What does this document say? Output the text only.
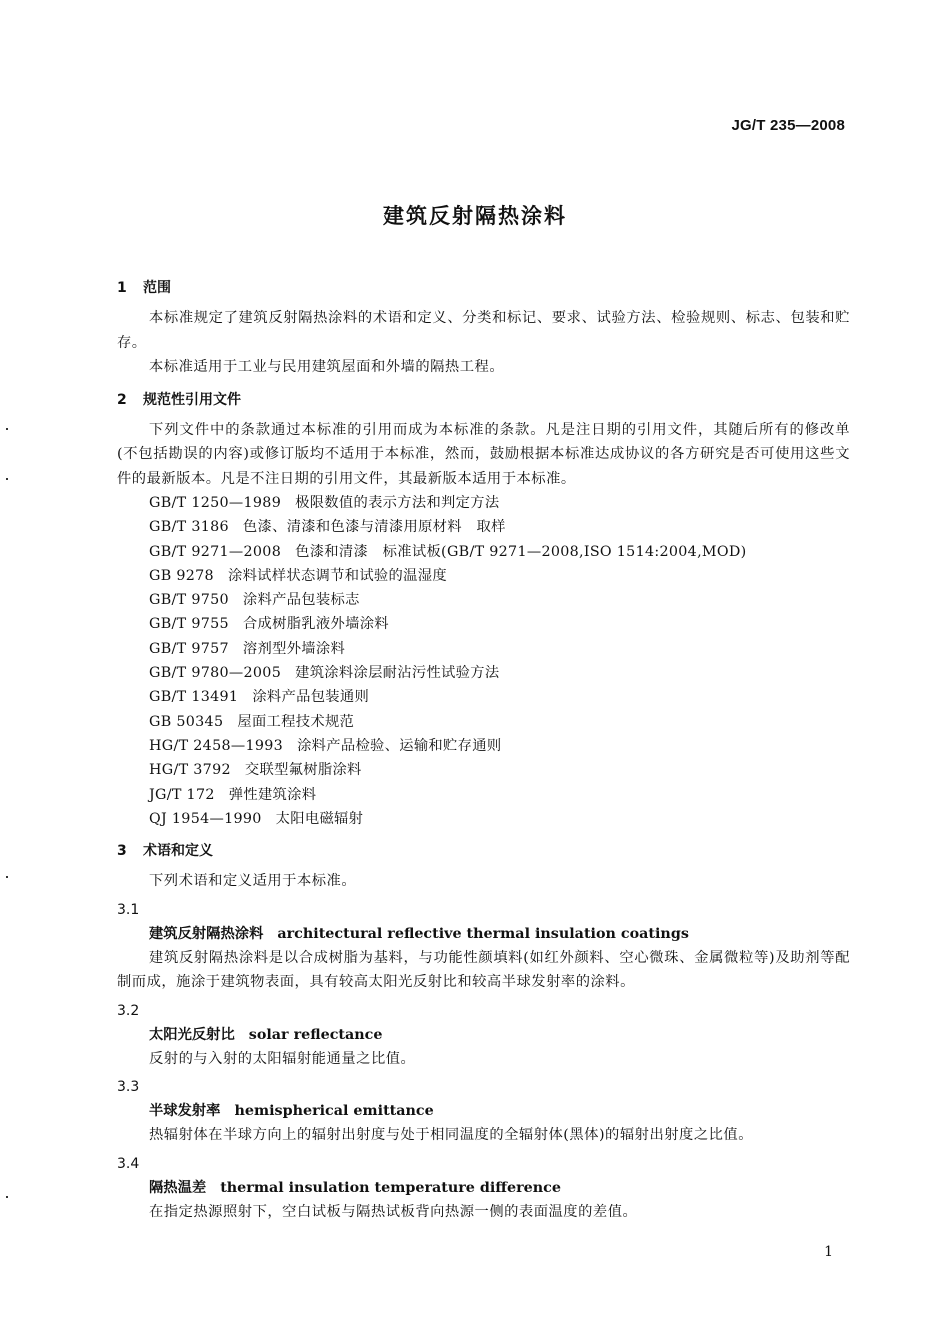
JG/T 235—2008
建筑反射隔热涂料
1 范围
本标准规定了建筑反射隔热涂料的术语和定义、分类和标记、要求、试验方法、检验规则、标志、包装和贮存。
本标准适用于工业与民用建筑屋面和外墙的隔热工程。
2 规范性引用文件
下列文件中的条款通过本标准的引用而成为本标准的条款。凡是注日期的引用文件，其随后所有的修改单(不包括勘误的内容)或修订版均不适用于本标准，然而，鼓励根据本标准达成协议的各方研究是否可使用这些文件的最新版本。凡是不注日期的引用文件，其最新版本适用于本标准。
GB/T 1250—1989 极限数值的表示方法和判定方法
GB/T 3186 色漆、清漆和色漆与清漆用原材料　取样
GB/T 9271—2008 色漆和清漆　标准试板(GB/T 9271—2008,ISO 1514:2004,MOD)
GB 9278 涂料试样状态调节和试验的温湿度
GB/T 9750 涂料产品包装标志
GB/T 9755 合成树脂乳液外墙涂料
GB/T 9757 溶剂型外墙涂料
GB/T 9780—2005 建筑涂料涂层耐沾污性试验方法
GB/T 13491 涂料产品包装通则
GB 50345 屋面工程技术规范
HG/T 2458—1993 涂料产品检验、运输和贮存通则
HG/T 3792 交联型氟树脂涂料
JG/T 172 弹性建筑涂料
QJ 1954—1990 太阳电磁辐射
3 术语和定义
下列术语和定义适用于本标准。
3.1
建筑反射隔热涂料 architectural reflective thermal insulation coatings
建筑反射隔热涂料是以合成树脂为基料，与功能性颜填料(如红外颜料、空心微珠、金属微粒等)及助剂等配制而成，施涂于建筑物表面，具有较高太阳光反射比和较高半球发射率的涂料。
3.2
太阳光反射比 solar reflectance
反射的与入射的太阳辐射能通量之比值。
3.3
半球发射率 hemispherical emittance
热辐射体在半球方向上的辐射出射度与处于相同温度的全辐射体(黑体)的辐射出射度之比值。
3.4
隔热温差 thermal insulation temperature difference
在指定热源照射下，空白试板与隔热试板背向热源一侧的表面温度的差值。
1
